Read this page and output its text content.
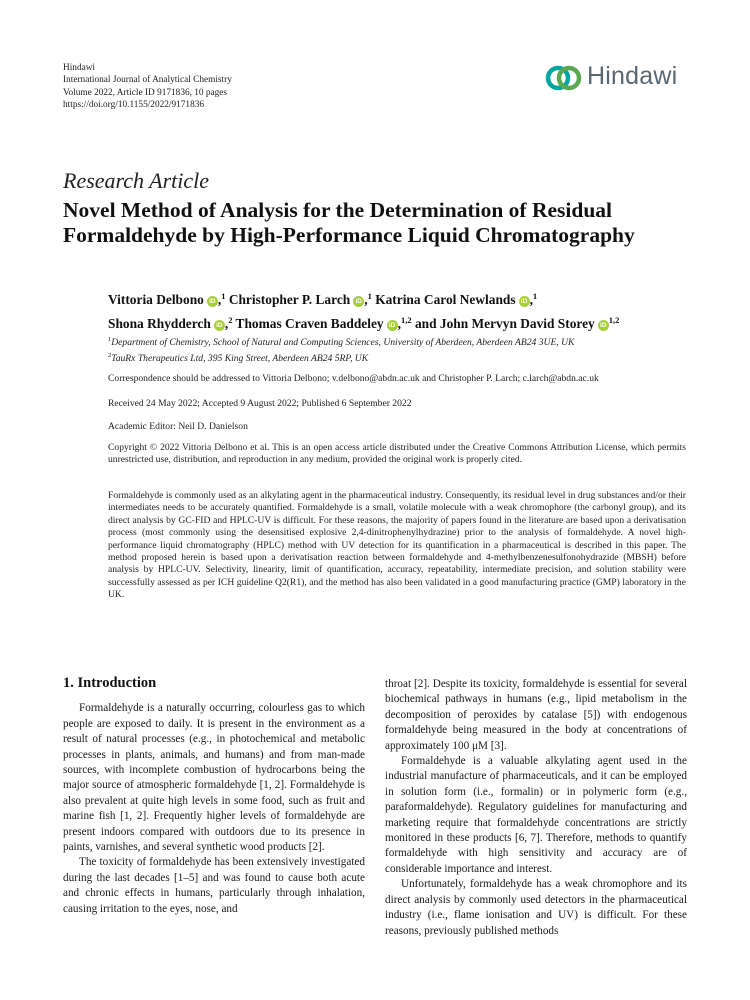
Hindawi
International Journal of Analytical Chemistry
Volume 2022, Article ID 9171836, 10 pages
https://doi.org/10.1155/2022/9171836
Hindawi
Research Article
Novel Method of Analysis for the Determination of Residual
Formaldehyde by High-Performance Liquid Chromatography
Vittoria Delbono iD ,$^1$ Christopher P. Larch iD ,$^1$ Katrina Carol Newlands iD ,$^1$
Shona Rhydderch iD ,$^2$ Thomas Craven Baddeley iD ,$^{1,2}$ and John Mervyn David Storey iD$^{1,2}$
$^1$Department of Chemistry, School of Natural and Computing Sciences, University of Aberdeen, Aberdeen AB24 3UE, UK
$^2$TauRx Therapeutics Ltd, 395 King Street, Aberdeen AB24 5RP, UK
Correspondence should be addressed to Vittoria Delbono; v.delbono@abdn.ac.uk and Christopher P. Larch; c.larch@abdn.ac.uk
Received 24 May 2022; Accepted 9 August 2022; Published 6 September 2022
Academic Editor: Neil D. Danielson
Copyright © 2022 Vittoria Delbono et al. This is an open access article distributed under the Creative Commons Attribution License, which permits unrestricted use, distribution, and reproduction in any medium, provided the original work is properly cited.
Formaldehyde is commonly used as an alkylating agent in the pharmaceutical industry. Consequently, its residual level in drug substances and/or their intermediates needs to be accurately quantified. Formaldehyde is a small, volatile molecule with a weak chromophore (the carbonyl group), and its direct analysis by GC-FID and HPLC-UV is difficult. For these reasons, the majority of papers found in the literature are based upon a derivatisation process (most commonly using the desensitised explosive 2,4-dinitrophenylhydrazine) prior to the analysis of formaldehyde. A novel high-performance liquid chromatography (HPLC) method with UV detection for its quantification in a pharmaceutical is described in this paper. The method proposed herein is based upon a derivatisation reaction between formaldehyde and 4-methylbenzenesulfonohydrazide (MBSH) before analysis by HPLC-UV. Selectivity, linearity, limit of quantification, accuracy, repeatability, intermediate precision, and solution stability were successfully assessed as per ICH guideline Q2(R1), and the method has also been validated in a good manufacturing practice (GMP) laboratory in the UK.
1. Introduction

Formaldehyde is a naturally occurring, colourless gas to which people are exposed to daily. It is present in the environment as a result of natural processes (e.g., in photochemical and metabolic processes in plants, animals, and humans) and from man-made sources, with incomplete combustion of hydrocarbons being the major source of atmospheric formaldehyde [1, 2]. Formaldehyde is also prevalent at quite high levels in some food, such as fruit and marine fish [1, 2]. Frequently higher levels of formaldehyde are present indoors compared with outdoors due to its presence in paints, varnishes, and several synthetic wood products [2].

The toxicity of formaldehyde has been extensively investigated during the last decades [1–5] and was found to cause both acute and chronic effects in humans, particularly through inhalation, causing irritation to the eyes, nose, and

throat [2]. Despite its toxicity, formaldehyde is essential for several biochemical pathways in humans (e.g., lipid metabolism in the decomposition of peroxides by catalase [5]) with endogenous formaldehyde being measured in the body at concentrations of approximately 100 μM [3].

Formaldehyde is a valuable alkylating agent used in the industrial manufacture of pharmaceuticals, and it can be employed in solution form (i.e., formalin) or in polymeric form (e.g., paraformaldehyde). Regulatory guidelines for manufacturing and marketing require that formaldehyde concentrations are strictly monitored in these products [6, 7]. Therefore, methods to quantify formaldehyde with high sensitivity and accuracy are of considerable importance and interest.

Unfortunately, formaldehyde has a weak chromophore and its direct analysis by commonly used detectors in the pharmaceutical industry (i.e., flame ionisation and UV) is difficult. For these reasons, previously published methods
